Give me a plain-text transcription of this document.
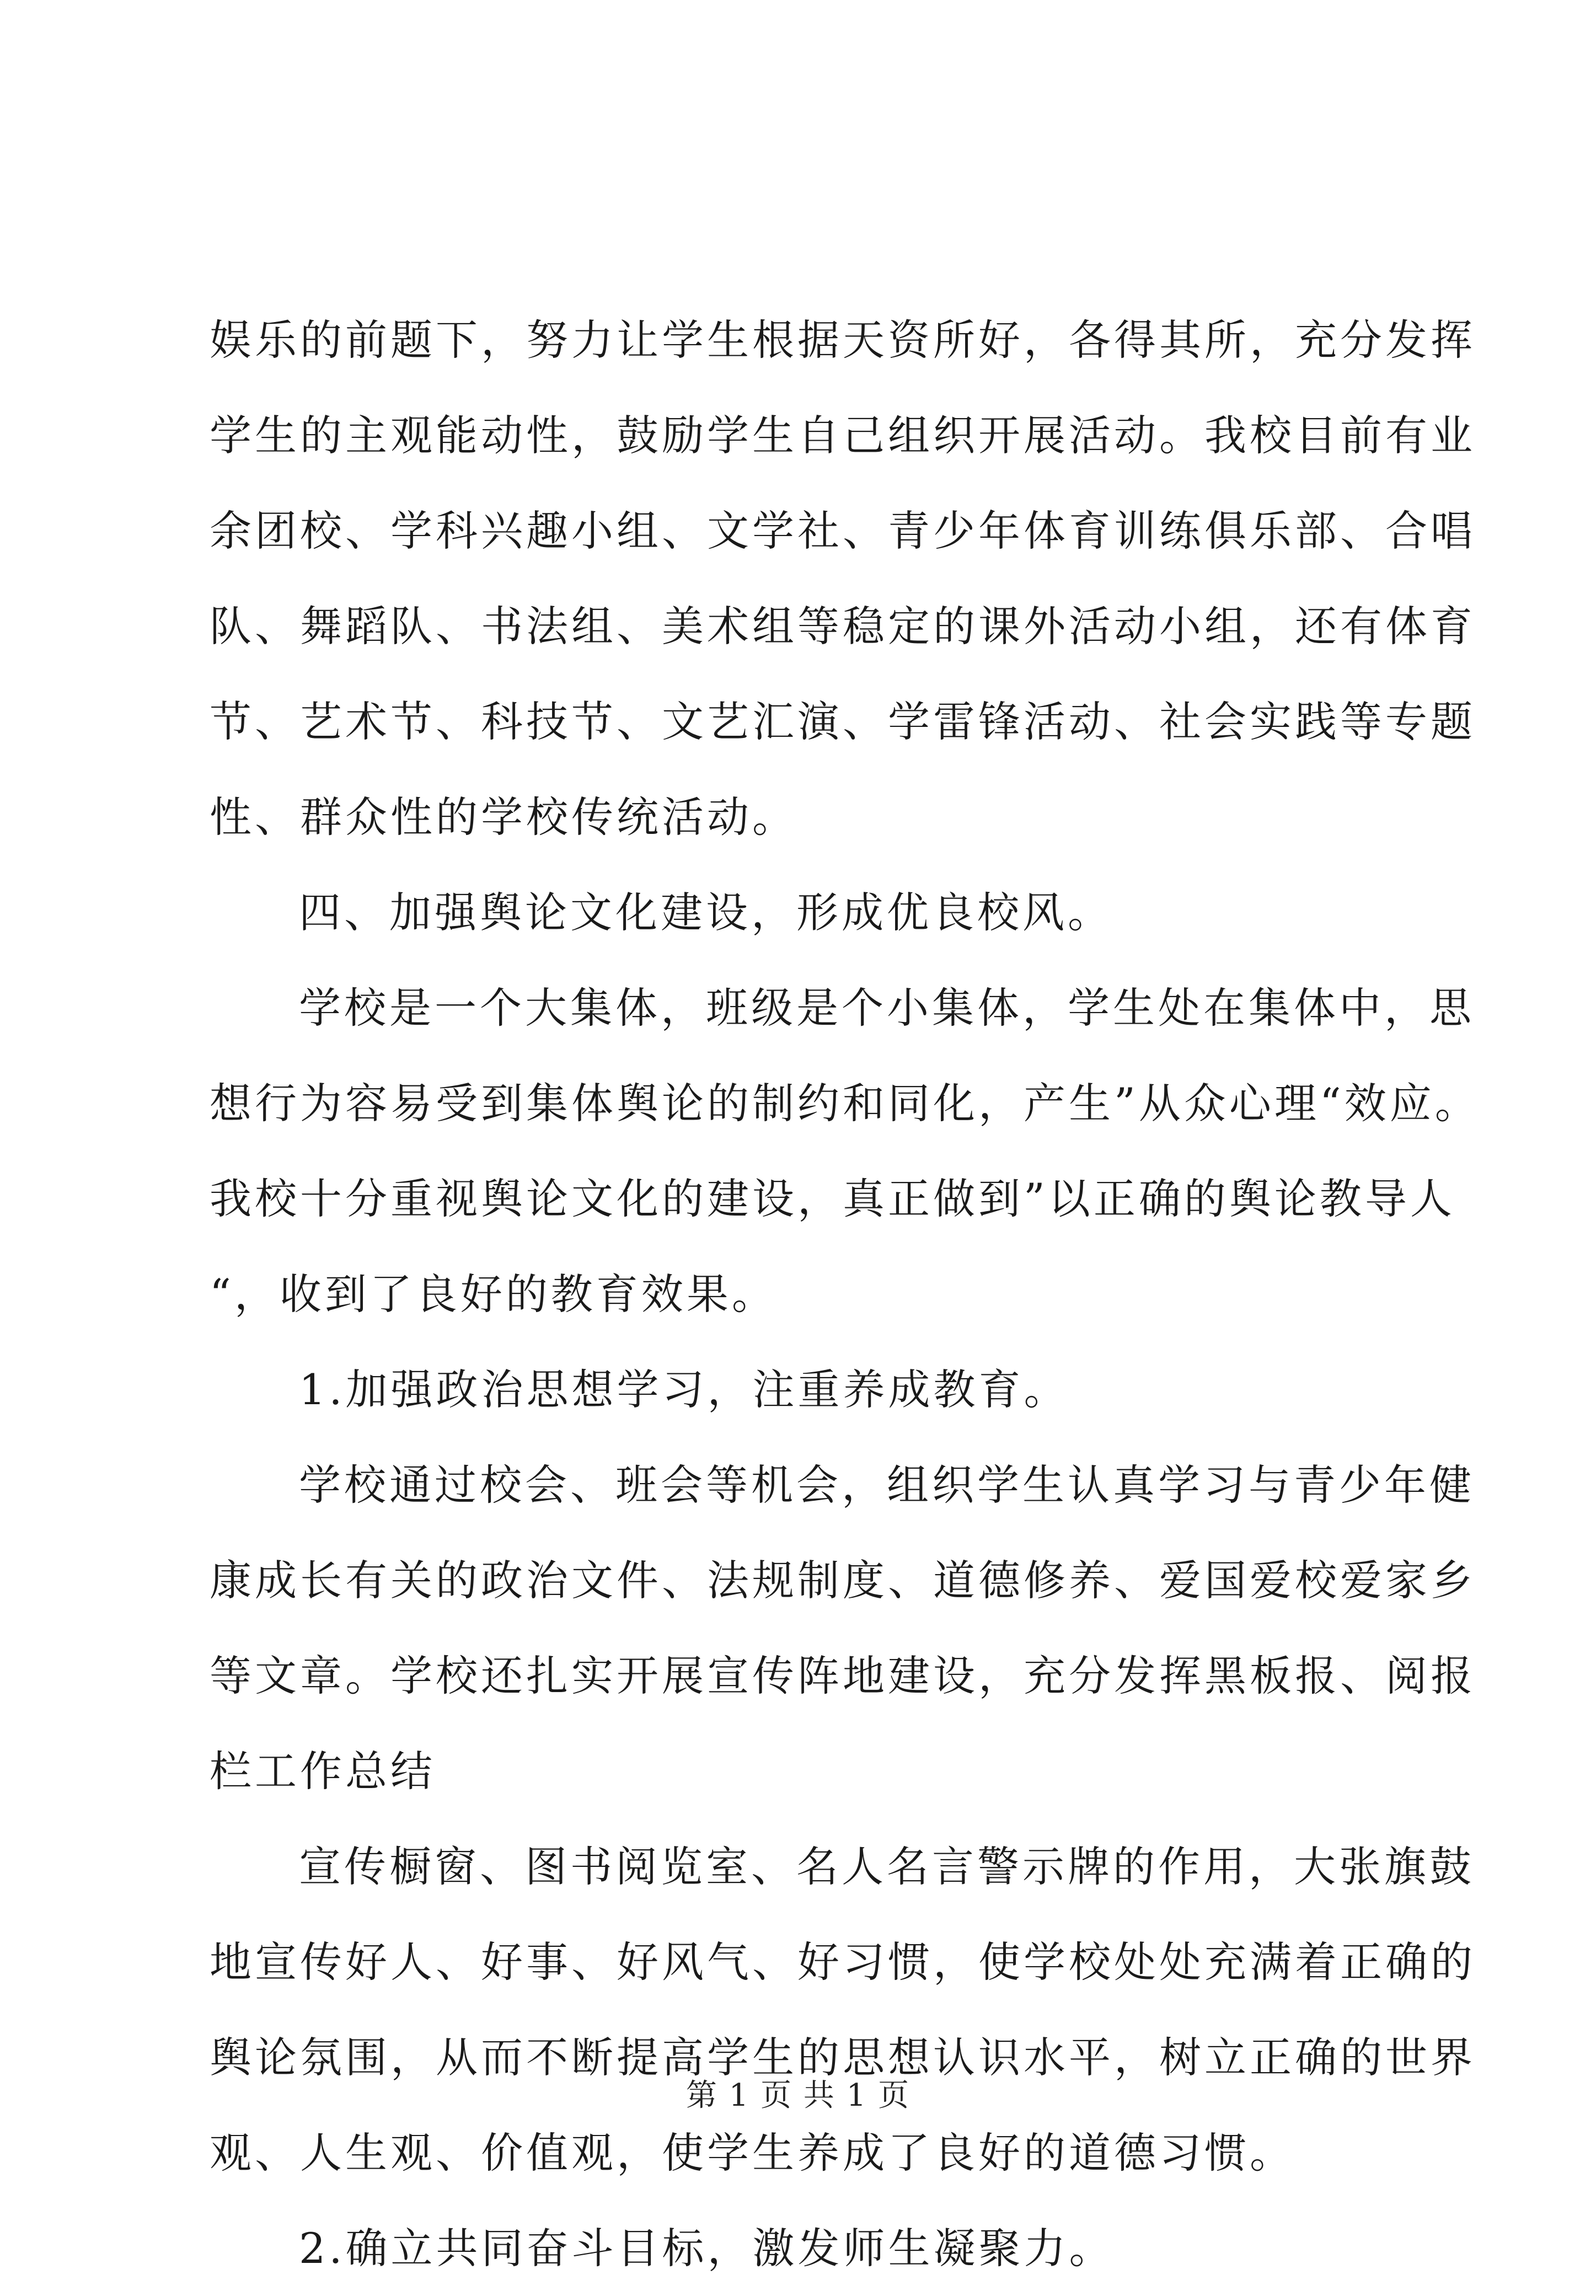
娱乐的前题下，努力让学生根据天资所好，各得其所，充分发挥
学生的主观能动性，鼓励学生自己组织开展活动。我校目前有业
余团校、学科兴趣小组、文学社、青少年体育训练俱乐部、合唱
队、舞蹈队、书法组、美术组等稳定的课外活动小组，还有体育
节、艺术节、科技节、文艺汇演、学雷锋活动、社会实践等专题
性、群众性的学校传统活动。
四、加强舆论文化建设，形成优良校风。
学校是一个大集体，班级是个小集体，学生处在集体中，思
想行为容易受到集体舆论的制约和同化，产生”从众心理“效应。
我校十分重视舆论文化的建设，真正做到”以正确的舆论教导人
“，收到了良好的教育效果。
1.加强政治思想学习，注重养成教育。
学校通过校会、班会等机会，组织学生认真学习与青少年健
康成长有关的政治文件、法规制度、道德修养、爱国爱校爱家乡
等文章。学校还扎实开展宣传阵地建设，充分发挥黑板报、阅报
栏工作总结
宣传橱窗、图书阅览室、名人名言警示牌的作用，大张旗鼓
地宣传好人、好事、好风气、好习惯，使学校处处充满着正确的
舆论氛围，从而不断提高学生的思想认识水平，树立正确的世界
观、人生观、价值观，使学生养成了良好的道德习惯。
2.确立共同奋斗目标，激发师生凝聚力。
第 1 页 共 1 页
